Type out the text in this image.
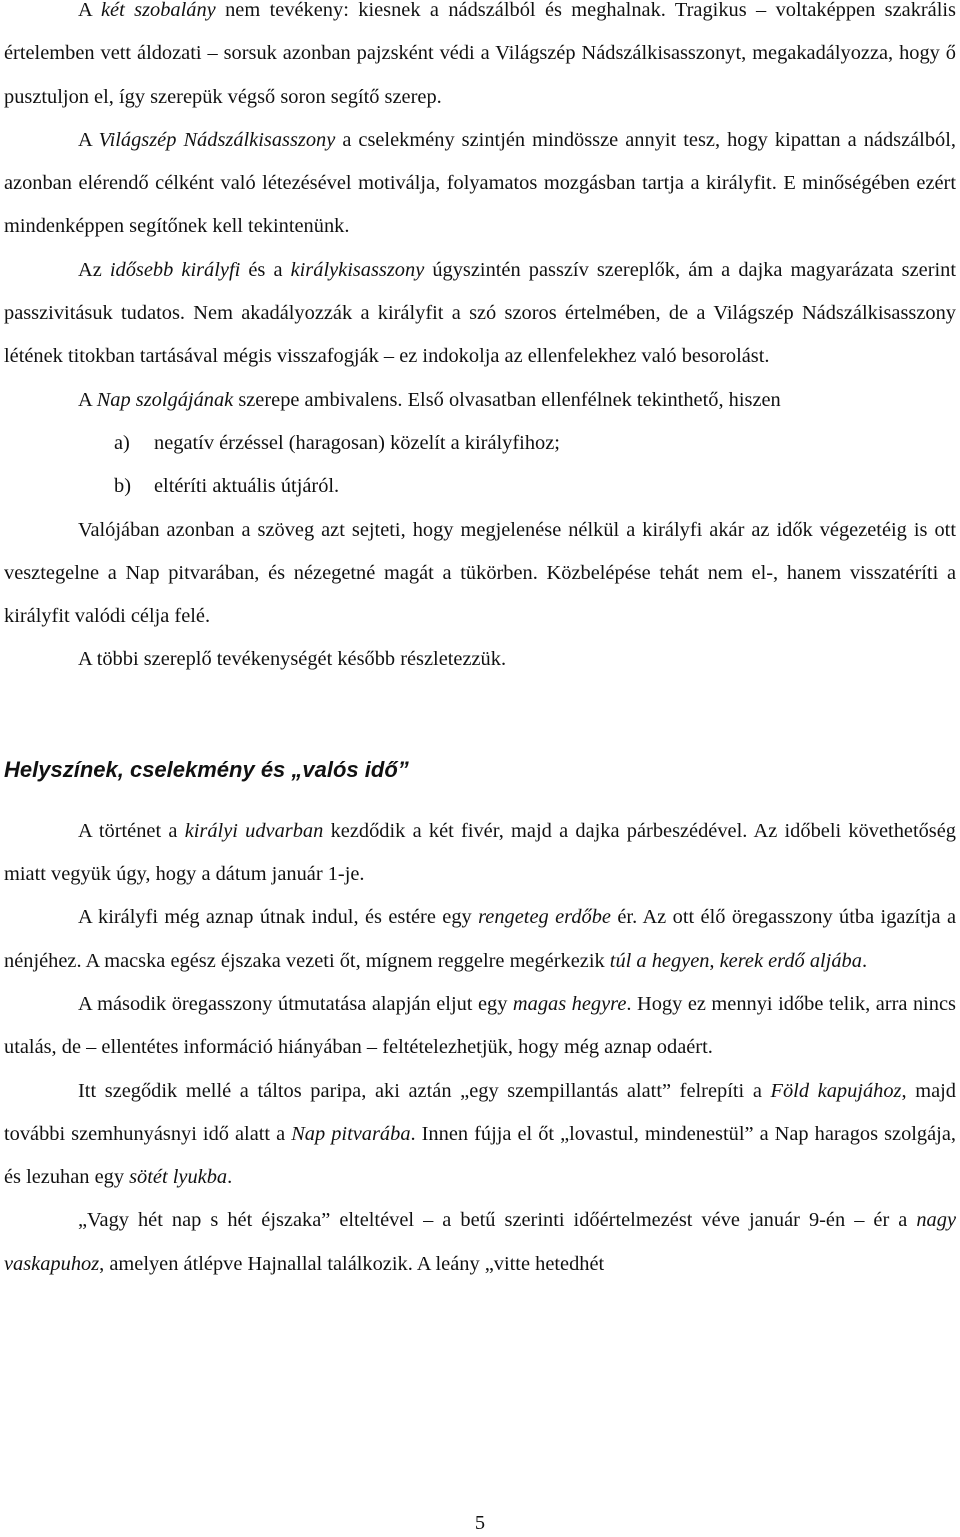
A két szobalány nem tevékeny: kiesnek a nádszálból és meghalnak. Tragikus – voltaképpen szakrális értelemben vett áldozati – sorsuk azonban pajzsként védi a Világszép Nádszálkisasszonyt, megakadályozza, hogy ő pusztuljon el, így szerepük végső soron segítő szerep.

A Világszép Nádszálkisasszony a cselekmény szintjén mindössze annyit tesz, hogy kipattan a nádszálból, azonban elérendő célként való létezésével motiválja, folyamatos mozgásban tartja a királyfit. E minőségében ezért mindenképpen segítőnek kell tekintenünk.

Az idősebb királyfi és a királykisasszony úgyszintén passzív szereplők, ám a dajka magyarázata szerint passzivitásuk tudatos. Nem akadályozzák a királyfit a szó szoros értelmében, de a Világszép Nádszálkisasszony létének titokban tartásával mégis visszafogják – ez indokolja az ellenfelekhez való besorolást.

A Nap szolgájának szerepe ambivalens. Első olvasatban ellenfélnek tekinthető, hiszen

a) negatív érzéssel (haragosan) közelít a királyfihoz;

b) eltéríti aktuális útjáról.

Valójában azonban a szöveg azt sejteti, hogy megjelenése nélkül a királyfi akár az idők végezetéig is ott vesztegelne a Nap pitvarában, és nézegetné magát a tükörben. Közbelépése tehát nem el-, hanem visszatéríti a királyfit valódi célja felé.

A többi szereplő tevékenységét később részletezzük.

Helyszínek, cselekmény és „valós idő”

A történet a királyi udvarban kezdődik a két fivér, majd a dajka párbeszédével. Az időbeli követhetőség miatt vegyük úgy, hogy a dátum január 1-je.

A királyfi még aznap útnak indul, és estére egy rengeteg erdőbe ér. Az ott élő öregasszony útba igazítja a nénjéhez. A macska egész éjszaka vezeti őt, mígnem reggelre megérkezik túl a hegyen, kerek erdő aljába.

A második öregasszony útmutatása alapján eljut egy magas hegyre. Hogy ez mennyi időbe telik, arra nincs utalás, de – ellentétes információ hiányában – feltételezhetjük, hogy még aznap odaért.

Itt szegődik mellé a táltos paripa, aki aztán „egy szempillantás alatt” felrepíti a Föld kapujához, majd további szemhunyásnyi idő alatt a Nap pitvarába. Innen fújja el őt „lovastul, mindenestül” a Nap haragos szolgája, és lezuhan egy sötét lyukba.

„Vagy hét nap s hét éjszaka” elteltével – a betű szerinti időértelmezést véve január 9-én – ér a nagy vaskapuhoz, amelyen átlépve Hajnallal találkozik. A leány „vitte hetedhét

5
